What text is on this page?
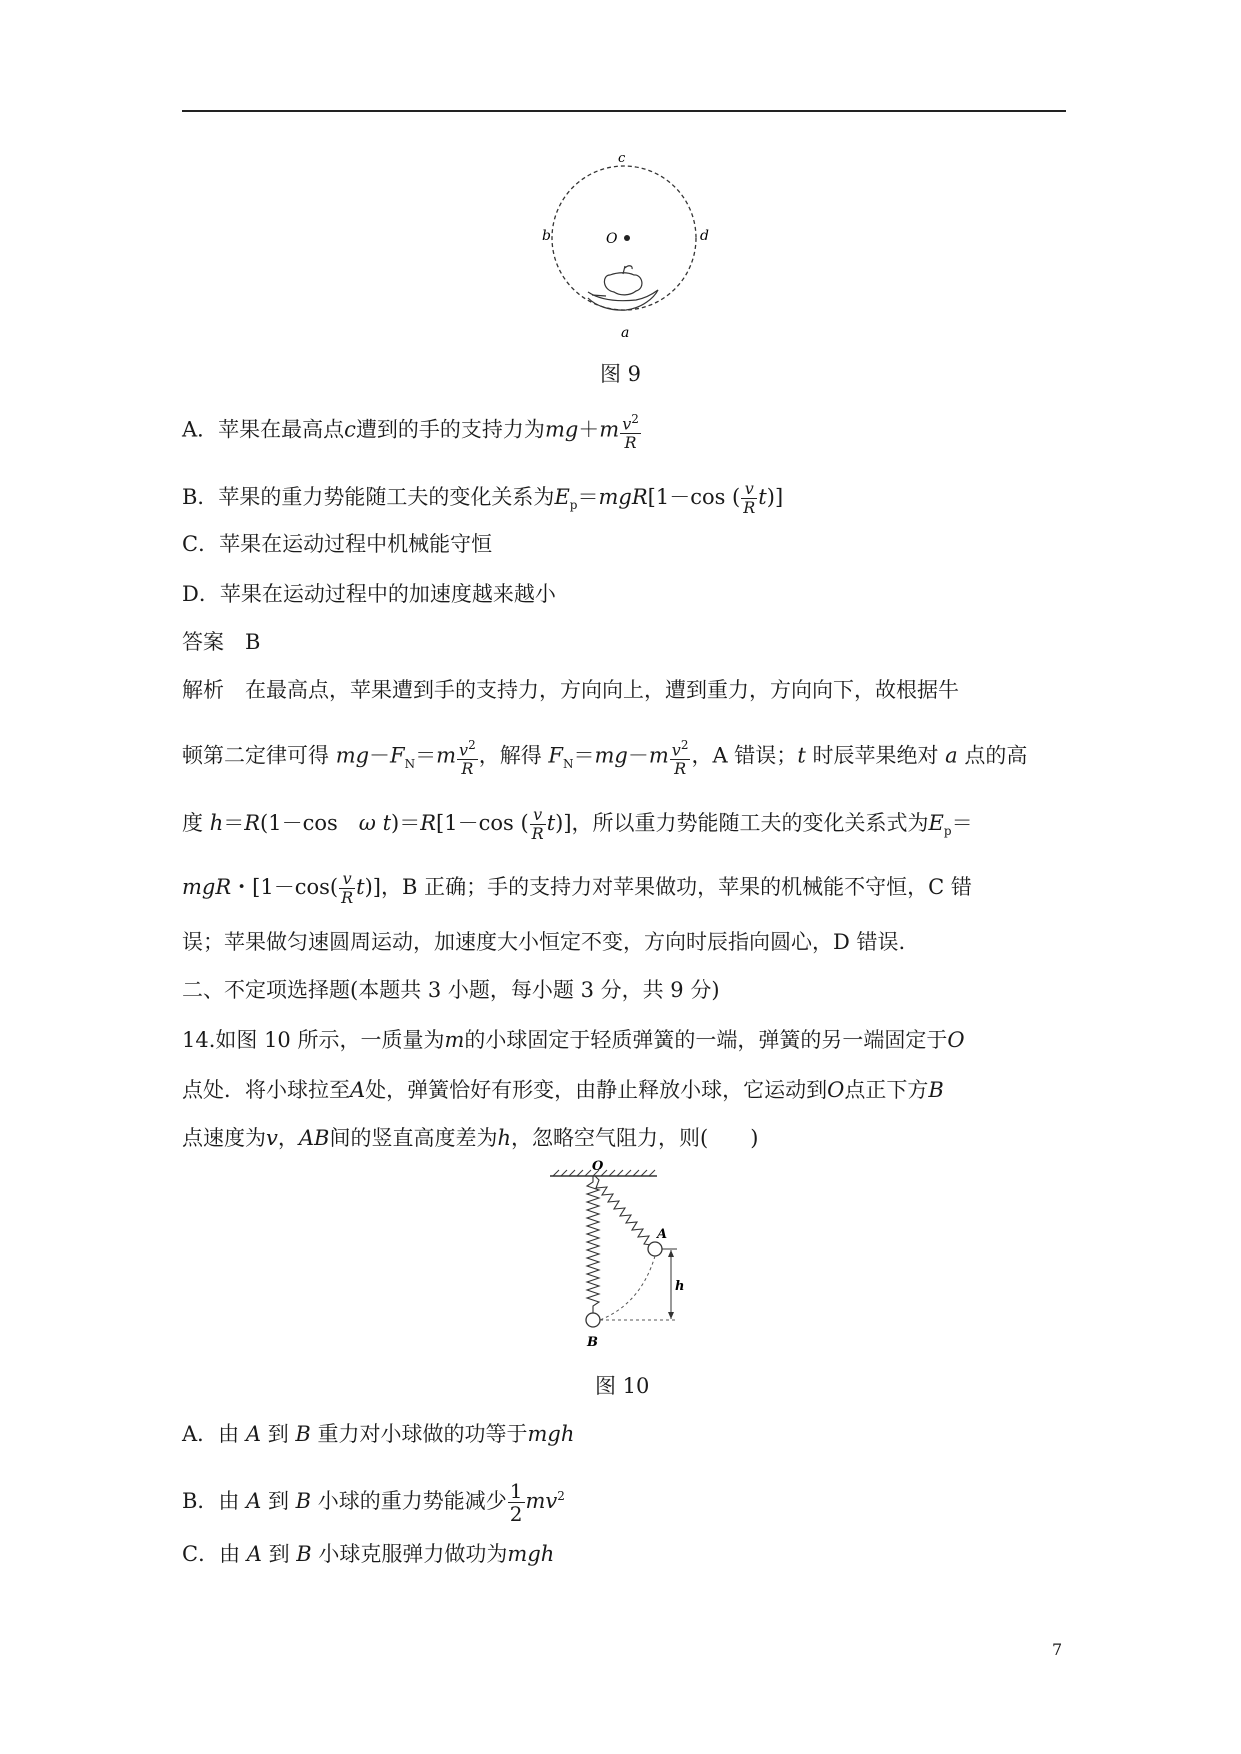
c
b	d
O
a
图 9
A．苹果在最高点c遭到的手的支持力为$mg+m \frac{v^2}{R}$
B．苹果的重力势能随工夫的变化关系为$E_p=mgR[1-\cos$ ( $\frac{v}{R} t$)]
C．苹果在运动过程中机械能守恒
D．苹果在运动过程中的加速度越来越小
答案　 B
解析　在最高点，苹果遭到手的支持力，方向向上，遭到重力，方向向下，故根据牛
顿第二定律可得 $mg-F_N=m \frac{v^2}{R}$ ，解得 $F_N=mg-m \frac{v^2}{R}$ ，A 错误；t 时辰苹果绝对 a 点的高
度 h＝R(1－cos　ω t)＝R[1－cos ( $\frac{v}{R} t$)]，所以重力势能随工夫的变化关系式为$E_p=$
mgR・$[1-\cos( \frac{v}{R} t)]$，B 正确；手的支持力对苹果做功，苹果的机械能不守恒，C 错
误；苹果做匀速圆周运动，加速度大小恒定不变，方向时辰指向圆心，D 错误.
二、不定项选择题(本题共 3 小题，每小题 3 分，共 9 分)
14.如图 10 所示，一质量为m的小球固定于轻质弹簧的一端，弹簧的另一端固定于O
点处．将小球拉至A处，弹簧恰好有形变，由静止释放小球，它运动到O点正下方B
点速度为v，AB间的竖直高度差为h，忽略空气阻力，则(　　)
O
A
B
h
图 10
A．由 A 到 B 重力对小球做的功等于mgh
B．由 A 到 B 小球的重力势能减少 $\frac{1}{2} mv^2$
C．由 A 到 B 小球克服弹力做功为mgh
7
